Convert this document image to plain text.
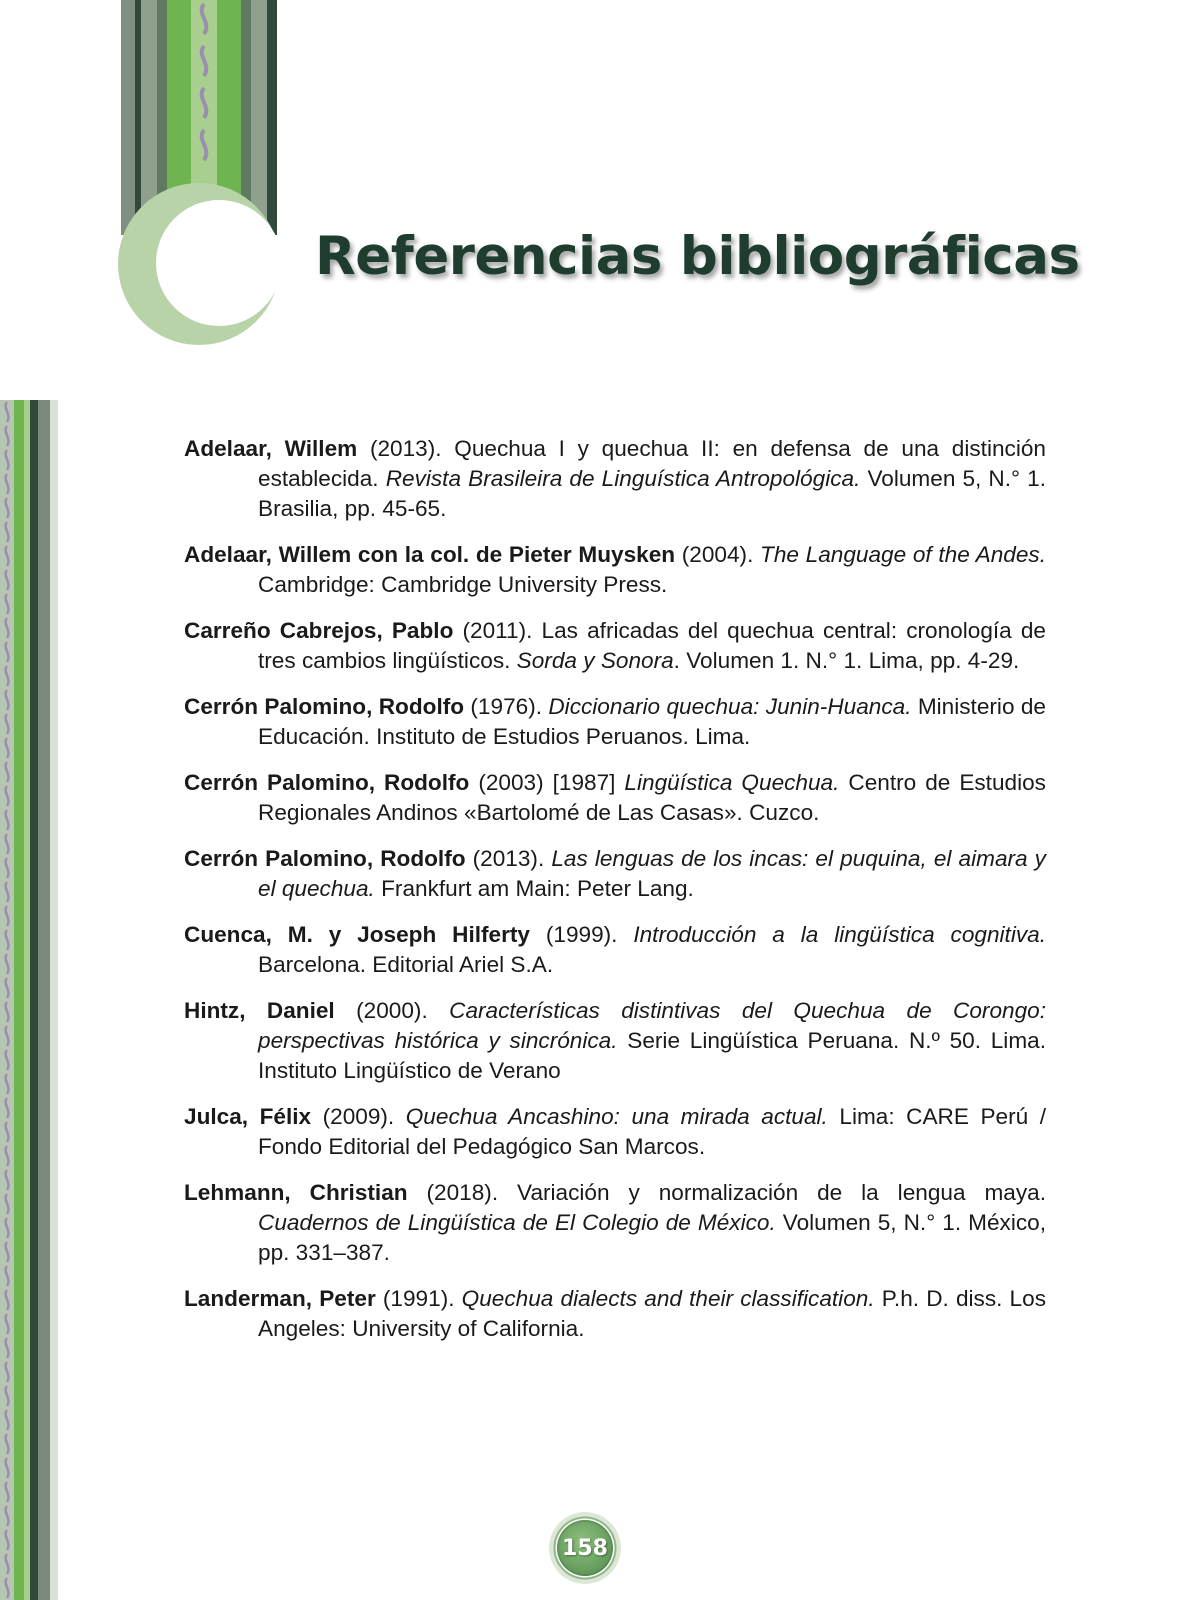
Referencias bibliográficas
Adelaar, Willem (2013). Quechua I y quechua II: en defensa de una distinción establecida. Revista Brasileira de Linguística Antropológica. Volumen 5, N.° 1. Brasilia, pp. 45-65.
Adelaar, Willem con la col. de Pieter Muysken (2004). The Language of the Andes. Cambridge: Cambridge University Press.
Carreño Cabrejos, Pablo (2011). Las africadas del quechua central: cronología de tres cambios lingüísticos. Sorda y Sonora. Volumen 1. N.° 1. Lima, pp. 4-29.
Cerrón Palomino, Rodolfo (1976). Diccionario quechua: Junin-Huanca. Ministerio de Educación. Instituto de Estudios Peruanos. Lima.
Cerrón Palomino, Rodolfo (2003) [1987] Lingüística Quechua. Centro de Estudios Regionales Andinos «Bartolomé de Las Casas». Cuzco.
Cerrón Palomino, Rodolfo (2013). Las lenguas de los incas: el puquina, el aimara y el quechua. Frankfurt am Main: Peter Lang.
Cuenca, M. y Joseph Hilferty (1999). Introducción a la lingüística cognitiva. Barcelona. Editorial Ariel S.A.
Hintz, Daniel (2000). Características distintivas del Quechua de Corongo: perspectivas histórica y sincrónica. Serie Lingüística Peruana. N.º 50. Lima. Instituto Lingüístico de Verano
Julca, Félix (2009). Quechua Ancashino: una mirada actual. Lima: CARE Perú / Fondo Editorial del Pedagógico San Marcos.
Lehmann, Christian (2018). Variación y normalización de la lengua maya. Cuadernos de Lingüística de El Colegio de México. Volumen 5, N.° 1. México, pp. 331–387.
Landerman, Peter (1991). Quechua dialects and their classification. P.h. D. diss. Los Angeles: University of California.
158
